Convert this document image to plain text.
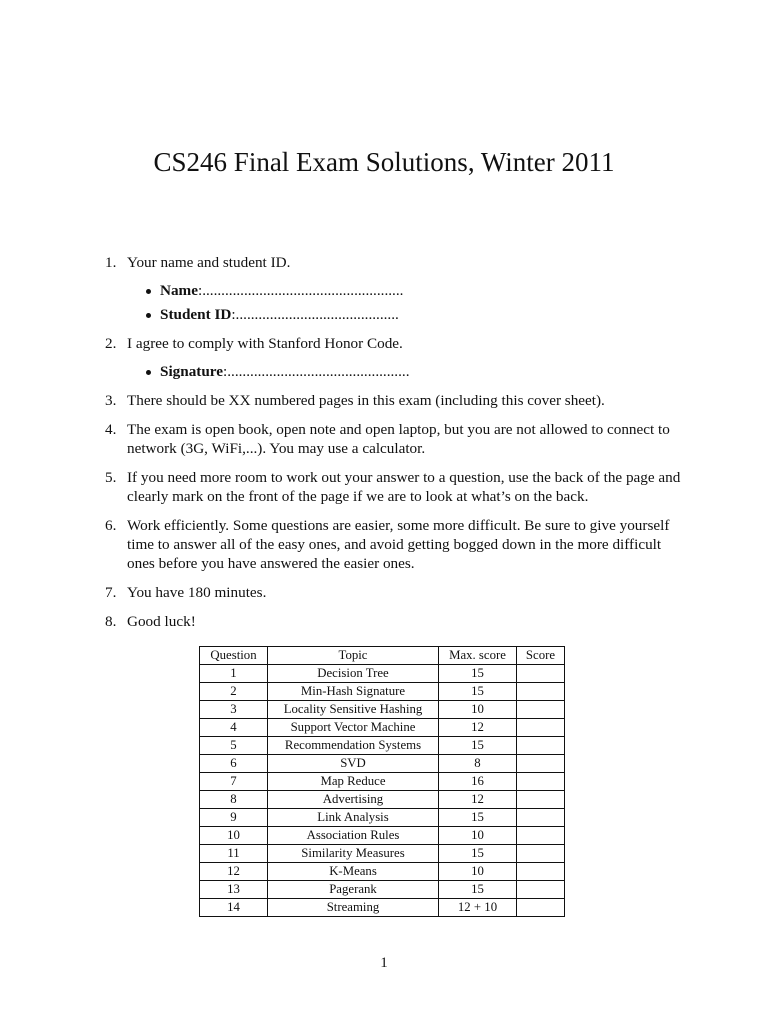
CS246 Final Exam Solutions, Winter 2011
1. Your name and student ID.
Name:.....................................................
Student ID:...........................................
2. I agree to comply with Stanford Honor Code.
Signature:................................................
3. There should be XX numbered pages in this exam (including this cover sheet).
4. The exam is open book, open note and open laptop, but you are not allowed to connect to network (3G, WiFi,...). You may use a calculator.
5. If you need more room to work out your answer to a question, use the back of the page and clearly mark on the front of the page if we are to look at what’s on the back.
6. Work efficiently. Some questions are easier, some more difficult. Be sure to give yourself time to answer all of the easy ones, and avoid getting bogged down in the more difficult ones before you have answered the easier ones.
7. You have 180 minutes.
8. Good luck!
Question	Topic	Max. score	Score
1	Decision Tree	15	
2	Min-Hash Signature	15	
3	Locality Sensitive Hashing	10	
4	Support Vector Machine	12	
5	Recommendation Systems	15	
6	SVD	8	
7	Map Reduce	16	
8	Advertising	12	
9	Link Analysis	15	
10	Association Rules	10	
11	Similarity Measures	15	
12	K-Means	10	
13	Pagerank	15	
14	Streaming	12 + 10	
1
